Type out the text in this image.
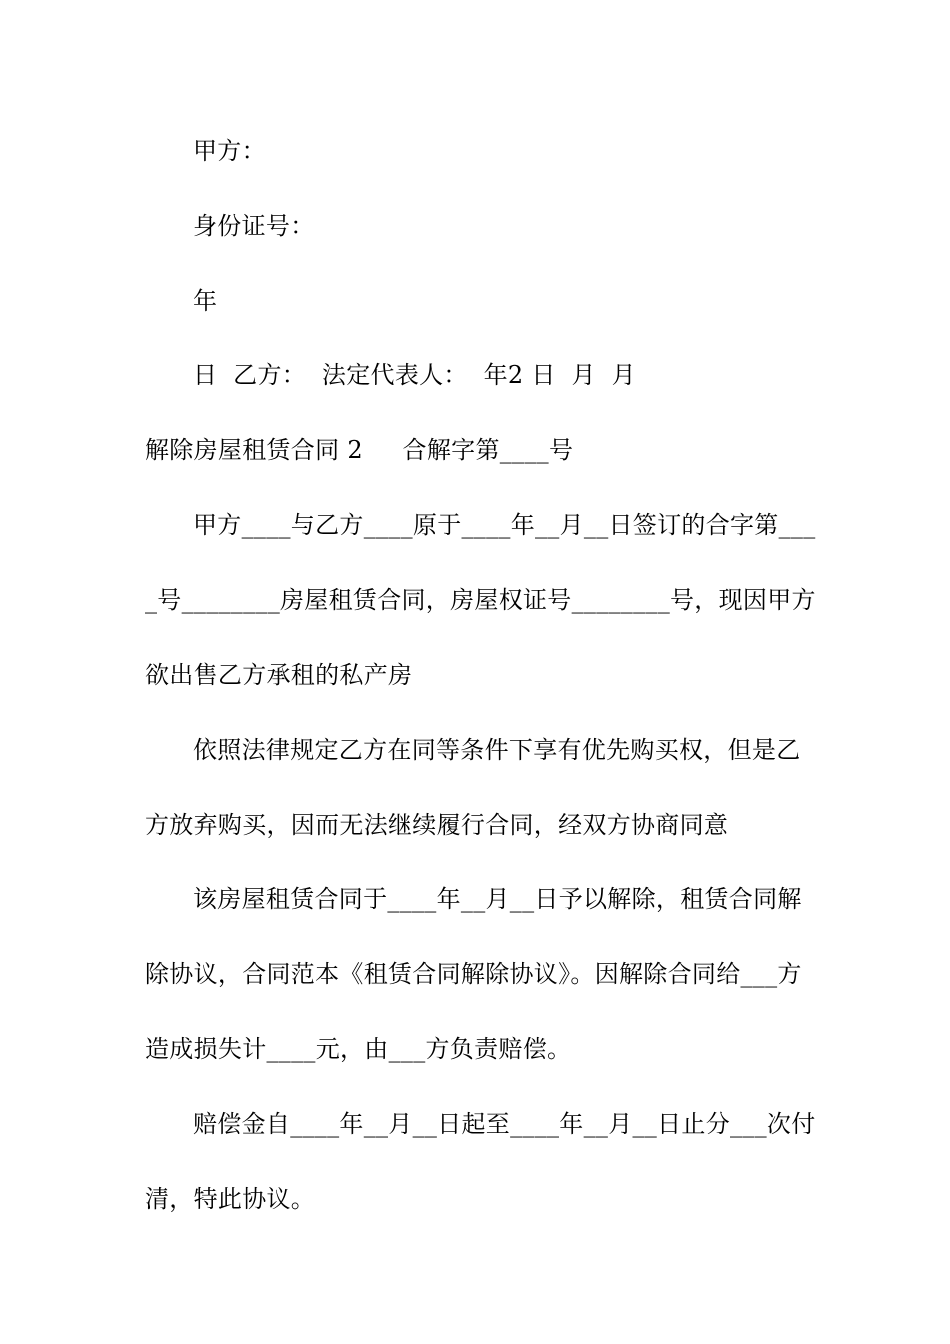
甲方：
身份证号：
年
日  乙方：  法定代表人：  年2 日  月  月
解除房屋租赁合同 2     合解字第____号
甲方____与乙方____原于____年__月__日签订的合字第___
_号________房屋租赁合同，房屋权证号________号，现因甲方
欲出售乙方承租的私产房
依照法律规定乙方在同等条件下享有优先购买权，但是乙
方放弃购买，因而无法继续履行合同，经双方协商同意
该房屋租赁合同于____年__月__日予以解除，租赁合同解
除协议，合同范本《租赁合同解除协议》。因解除合同给___方
造成损失计____元，由___方负责赔偿。
赔偿金自____年__月__日起至____年__月__日止分___次付
清，特此协议。
